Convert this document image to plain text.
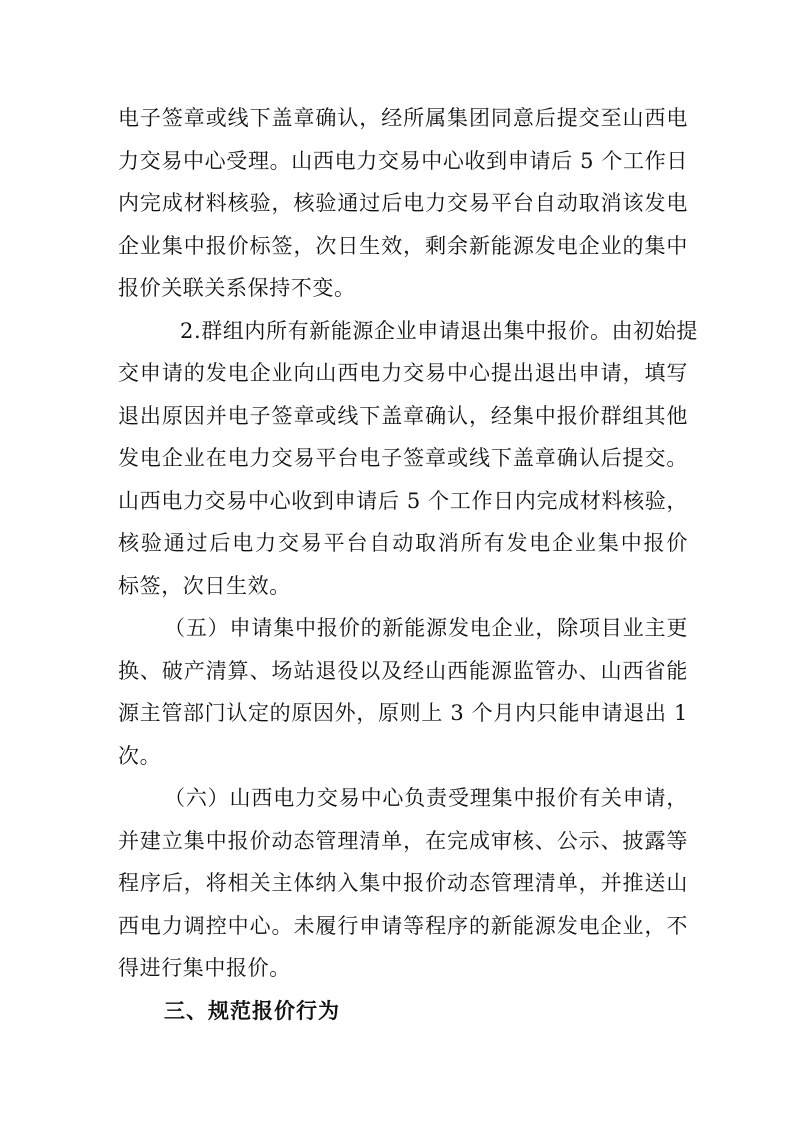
电子签章或线下盖章确认，经所属集团同意后提交至山西电
力交易中心受理。山西电力交易中心收到申请后 5 个工作日
内完成材料核验，核验通过后电力交易平台自动取消该发电
企业集中报价标签，次日生效，剩余新能源发电企业的集中
报价关联关系保持不变。
2.群组内所有新能源企业申请退出集中报价。由初始提
交申请的发电企业向山西电力交易中心提出退出申请，填写
退出原因并电子签章或线下盖章确认，经集中报价群组其他
发电企业在电力交易平台电子签章或线下盖章确认后提交。
山西电力交易中心收到申请后 5 个工作日内完成材料核验，
核验通过后电力交易平台自动取消所有发电企业集中报价
标签，次日生效。
（五）申请集中报价的新能源发电企业，除项目业主更
换、破产清算、场站退役以及经山西能源监管办、山西省能
源主管部门认定的原因外，原则上 3 个月内只能申请退出 1
次。
（六）山西电力交易中心负责受理集中报价有关申请，
并建立集中报价动态管理清单，在完成审核、公示、披露等
程序后，将相关主体纳入集中报价动态管理清单，并推送山
西电力调控中心。未履行申请等程序的新能源发电企业，不
得进行集中报价。
三、规范报价行为
